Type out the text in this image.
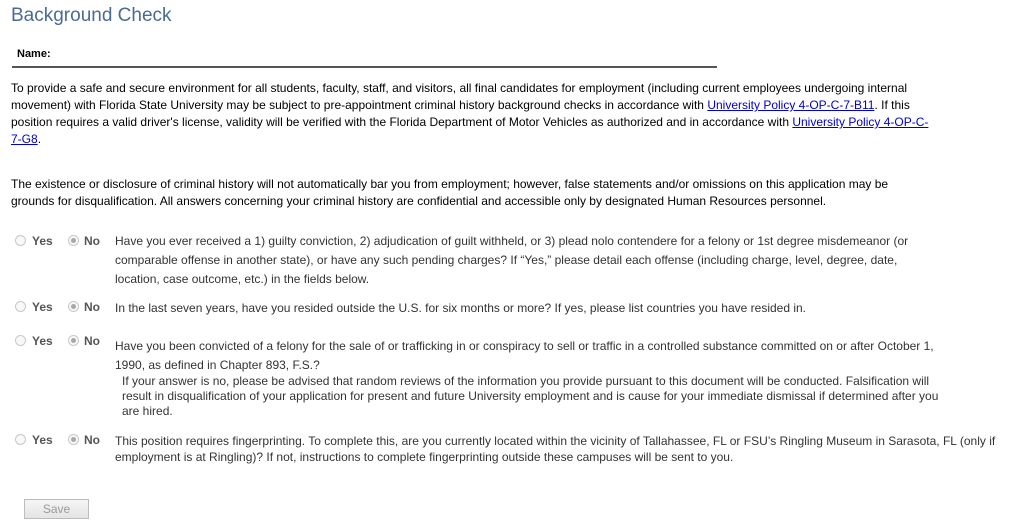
Background Check
Name:
To provide a safe and secure environment for all students, faculty, staff, and visitors, all final candidates for employment (including current employees undergoing internal movement) with Florida State University may be subject to pre-appointment criminal history background checks in accordance with University Policy 4-OP-C-7-B11. If this position requires a valid driver's license, validity will be verified with the Florida Department of Motor Vehicles as authorized and in accordance with University Policy 4-OP-C-7-G8.
The existence or disclosure of criminal history will not automatically bar you from employment; however, false statements and/or omissions on this application may be grounds for disqualification. All answers concerning your criminal history are confidential and accessible only by designated Human Resources personnel.
Yes	No Have you ever received a 1) guilty conviction, 2) adjudication of guilt withheld, or 3) plead nolo contendere for a felony or 1st degree misdemeanor (or comparable offense in another state), or have any such pending charges? If “Yes,” please detail each offense (including charge, level, degree, date, location, case outcome, etc.) in the fields below.
Yes	No In the last seven years, have you resided outside the U.S. for six months or more? If yes, please list countries you have resided in.
Yes	No Have you been convicted of a felony for the sale of or trafficking in or conspiracy to sell or traffic in a controlled substance committed on or after October 1, 1990, as defined in Chapter 893, F.S.?
If your answer is no, please be advised that random reviews of the information you provide pursuant to this document will be conducted. Falsification will result in disqualification of your application for present and future University employment and is cause for your immediate dismissal if determined after you are hired.
Yes	No This position requires fingerprinting. To complete this, are you currently located within the vicinity of Tallahassee, FL or FSU’s Ringling Museum in Sarasota, FL (only if employment is at Ringling)? If not, instructions to complete fingerprinting outside these campuses will be sent to you.
Save
